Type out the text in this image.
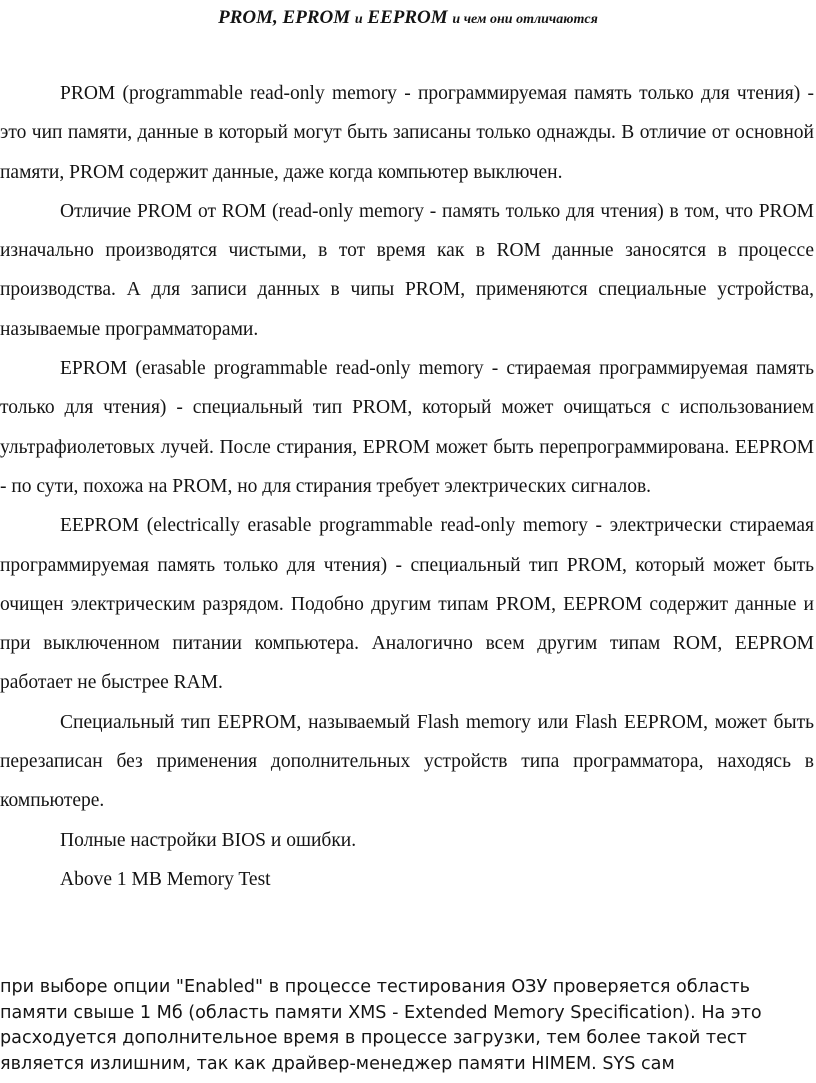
PROM, EPROM и EEPROM и чем они отличаются

PROM (programmable read-only memory - программируемая память только для чтения) - это чип памяти, данные в который могут быть записаны только однажды. В отличие от основной памяти, PROM содержит данные, даже когда компьютер выключен.

Отличие PROM от ROM (read-only memory - память только для чтения) в том, что PROM изначально производятся чистыми, в тот время как в ROM данные заносятся в процессе производства. А для записи данных в чипы PROM, применяются специальные устройства, называемые программаторами.

EPROM (erasable programmable read-only memory - стираемая программируемая память только для чтения) - специальный тип PROM, который может очищаться с использованием ультрафиолетовых лучей. После стирания, EPROM может быть перепрограммирована. EEPROM - по сути, похожа на PROM, но для стирания требует электрических сигналов.

EEPROM (electrically erasable programmable read-only memory - электрически стираемая программируемая память только для чтения) - специальный тип PROM, который может быть очищен электрическим разрядом. Подобно другим типам PROM, EEPROM содержит данные и при выключенном питании компьютера. Аналогично всем другим типам ROM, EEPROM работает не быстрее RAM.

Специальный тип EEPROM, называемый Flash memory или Flash EEPROM, может быть перезаписан без применения дополнительных устройств типа программатора, находясь в компьютере.

Полные настройки BIOS и ошибки.

Above 1 MB Memory Test

при выборе опции "Enabled" в процессе тестирования ОЗУ проверяется область памяти свыше 1 Мб (область памяти XMS - Extended Memory Specification). На это расходуется дополнительное время в процессе загрузки, тем более такой тест является излишним, так как драйвер-менеджер памяти HIMEM. SYS сам
